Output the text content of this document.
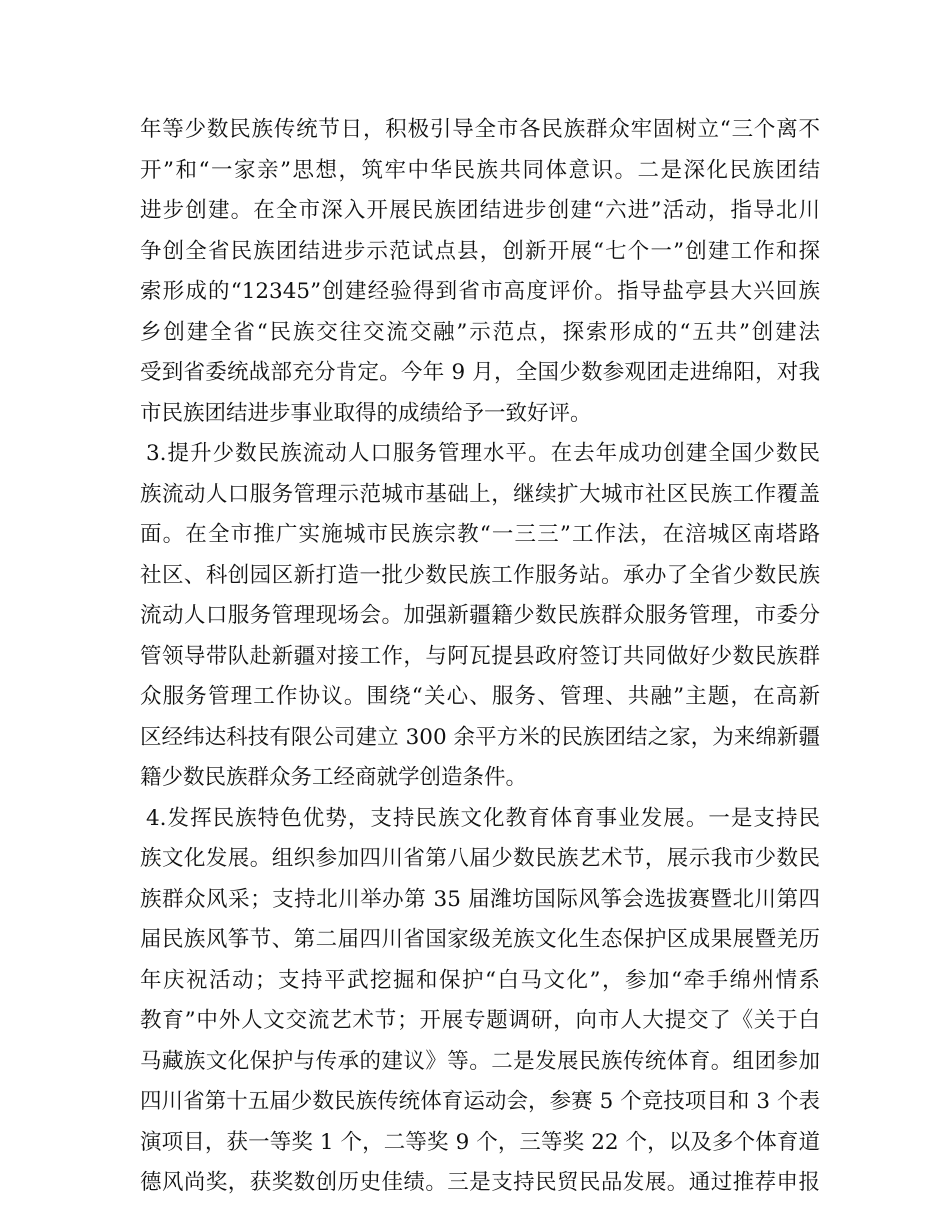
年等少数民族传统节日，积极引导全市各民族群众牢固树立“三个离不
开”和“一家亲”思想，筑牢中华民族共同体意识。二是深化民族团结
进步创建。在全市深入开展民族团结进步创建“六进”活动，指导北川
争创全省民族团结进步示范试点县，创新开展“七个一”创建工作和探
索形成的“12345”创建经验得到省市高度评价。指导盐亭县大兴回族
乡创建全省“民族交往交流交融”示范点，探索形成的“五共”创建法
受到省委统战部充分肯定。今年 9 月，全国少数参观团走进绵阳，对我
市民族团结进步事业取得的成绩给予一致好评。
3.提升少数民族流动人口服务管理水平。在去年成功创建全国少数民
族流动人口服务管理示范城市基础上，继续扩大城市社区民族工作覆盖
面。在全市推广实施城市民族宗教“一三三”工作法，在涪城区南塔路
社区、科创园区新打造一批少数民族工作服务站。承办了全省少数民族
流动人口服务管理现场会。加强新疆籍少数民族群众服务管理，市委分
管领导带队赴新疆对接工作，与阿瓦提县政府签订共同做好少数民族群
众服务管理工作协议。围绕“关心、服务、管理、共融”主题，在高新
区经纬达科技有限公司建立 300 余平方米的民族团结之家，为来绵新疆
籍少数民族群众务工经商就学创造条件。
4.发挥民族特色优势，支持民族文化教育体育事业发展。一是支持民
族文化发展。组织参加四川省第八届少数民族艺术节，展示我市少数民
族群众风采；支持北川举办第 35 届潍坊国际风筝会选拔赛暨北川第四
届民族风筝节、第二届四川省国家级羌族文化生态保护区成果展暨羌历
年庆祝活动；支持平武挖掘和保护“白马文化”，参加“牵手绵州情系
教育”中外人文交流艺术节；开展专题调研，向市人大提交了《关于白
马藏族文化保护与传承的建议》等。二是发展民族传统体育。组团参加
四川省第十五届少数民族传统体育运动会，参赛 5 个竞技项目和 3 个表
演项目，获一等奖 1 个，二等奖 9 个，三等奖 22 个，以及多个体育道
德风尚奖，获奖数创历史佳绩。三是支持民贸民品发展。通过推荐申报
